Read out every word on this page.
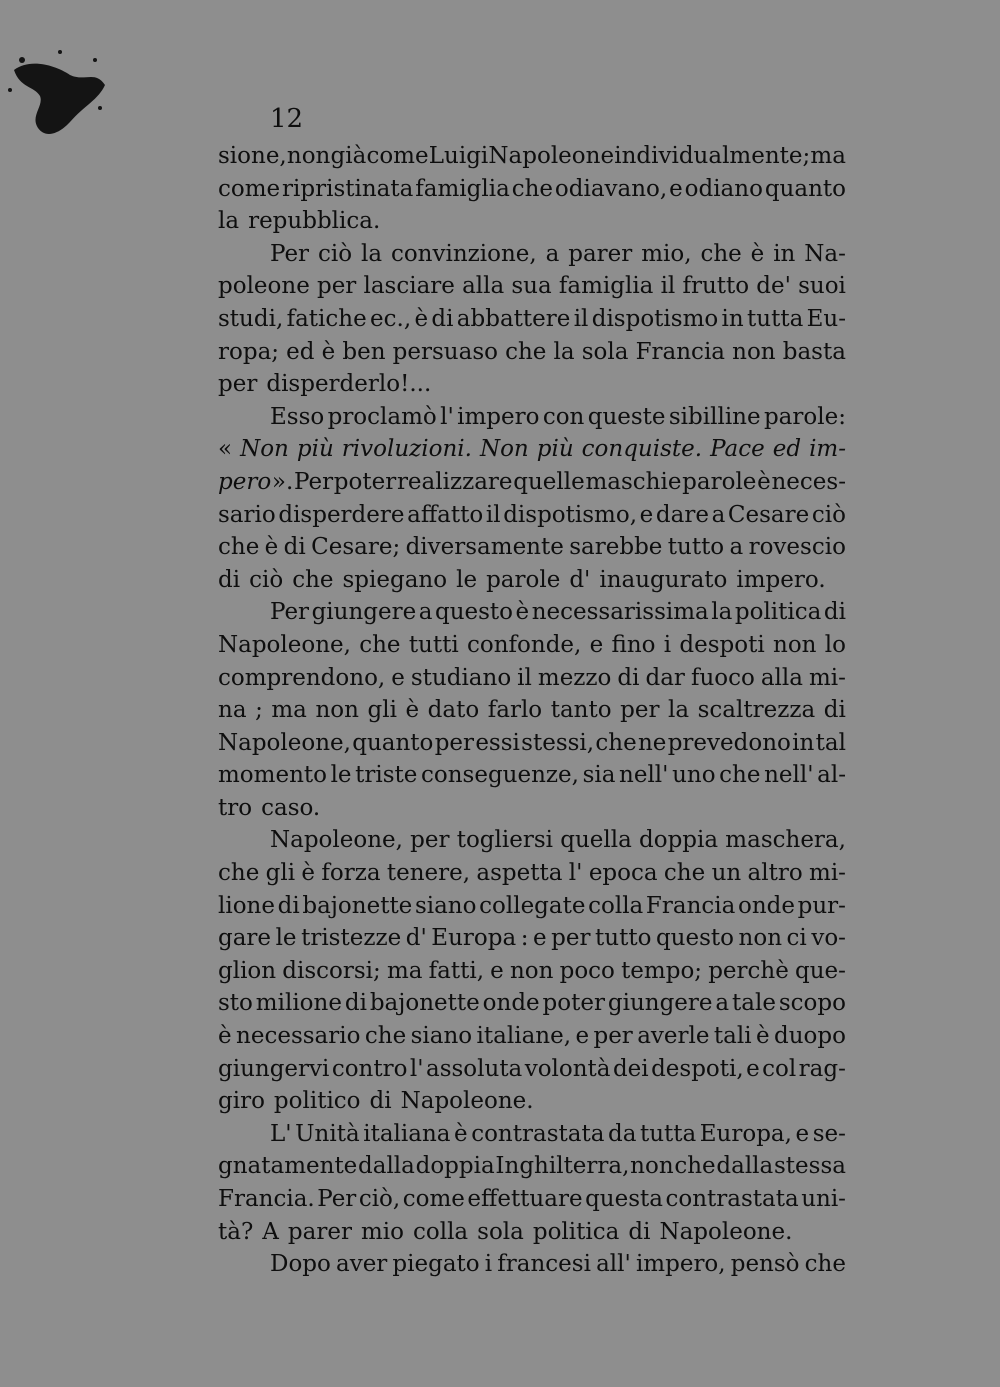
12
sione, non già come Luigi Napoleone individualmente; ma
come ripristinata famiglia che odiavano, e odiano quanto
la repubblica.
Per ciò la convinzione, a parer mio, che è in Na-
poleone per lasciare alla sua famiglia il frutto de' suoi
studi, fatiche ec., è di abbattere il dispotismo in tutta Eu-
ropa; ed è ben persuaso che la sola Francia non basta
per disperderlo!...
Esso proclamò l' impero con queste sibilline parole:
« Non più rivoluzioni. Non più conquiste. Pace ed im-
pero ». Per poter realizzare quelle maschie parole è neces-
sario disperdere affatto il dispotismo, e dare a Cesare ciò
che è di Cesare; diversamente sarebbe tutto a rovescio
di ciò che spiegano le parole d' inaugurato impero.
Per giungere a questo è necessarissima la politica di
Napoleone, che tutti confonde, e fino i despoti non lo
comprendono, e studiano il mezzo di dar fuoco alla mi-
na ; ma non gli è dato farlo tanto per la scaltrezza di
Napoleone, quanto per essi stessi, che ne prevedono in tal
momento le triste conseguenze, sia nell' uno che nell' al-
tro caso.
Napoleone, per togliersi quella doppia maschera,
che gli è forza tenere, aspetta l' epoca che un altro mi-
lione di bajonette siano collegate colla Francia onde pur-
gare le tristezze d' Europa : e per tutto questo non ci vo-
glion discorsi; ma fatti, e non poco tempo; perchè que-
sto milione di bajonette onde poter giungere a tale scopo
è necessario che siano italiane, e per averle tali è duopo
giungervi contro l' assoluta volontà dei despoti, e col rag-
giro politico di Napoleone.
L' Unità italiana è contrastata da tutta Europa, e se-
gnatamente dalla doppia Inghilterra, non che dalla stessa
Francia. Per ciò, come effettuare questa contrastata uni-
tà? A parer mio colla sola politica di Napoleone.
Dopo aver piegato i francesi all' impero, pensò che
